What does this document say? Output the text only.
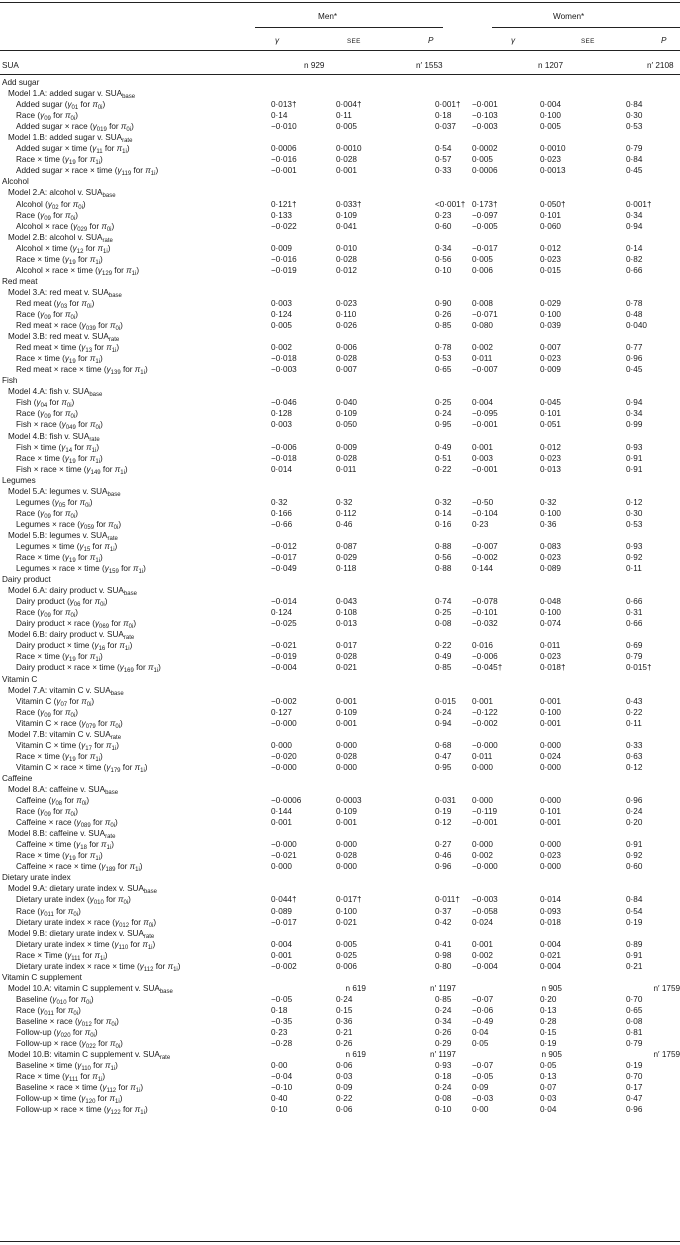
Men*	Women*
γ	SEE	P	γ	SEE	P
SUA	n 929	n′ 1553	n 1207	n′ 2108
Add sugar						
Model 1.A: added sugar v. $SUA_{base}$
Added sugar ($\gamma_{01}$ for $\pi_{0i}$)	0·013†	0·004†	0·001†	−0·001	0·004	0·84
Race ($\gamma_{09}$ for $\pi_{0i}$)	0·14	0·11	0·18	−0·103	0·100	0·30
Added sugar × race ($\gamma_{019}$ for $\pi_{0i}$)	−0·010	0·005	0·037	−0·003	0·005	0·53
Model 1.B: added sugar v. $SUA_{rate}$
Added sugar × time ($\gamma_{11}$ for $\pi_{1i}$)	0·0006	0·0010	0·54	0·0002	0·0010	0·79
Race × time ($\gamma_{19}$ for $\pi_{1i}$)	−0·016	0·028	0·57	0·005	0·023	0·84
Added sugar × race × time ($\gamma_{119}$ for $\pi_{1i}$)	−0·001	0·001	0·33	0·0006	0·0013	0·45
Alcohol						
Model 2.A: alcohol v. $SUA_{base}$
Alcohol ($\gamma_{02}$ for $\pi_{0i}$)	0·121†	0·033†	<0·001†	0·173†	0·050†	0·001†
Race ($\gamma_{09}$ for $\pi_{0i}$)	0·133	0·109	0·23	−0·097	0·101	0·34
Alcohol × race ($\gamma_{029}$ for $\pi_{0i}$)	−0·022	0·041	0·60	−0·005	0·060	0·94
Model 2.B: alcohol v. $SUA_{rate}$
Alcohol × time ($\gamma_{12}$ for $\pi_{1i}$)	0·009	0·010	0·34	−0·017	0·012	0·14
Race × time ($\gamma_{19}$ for $\pi_{1i}$)	−0·016	0·028	0·56	0·005	0·023	0·82
Alcohol × race × time ($\gamma_{129}$ for $\pi_{1i}$)	−0·019	0·012	0·10	0·006	0·015	0·66
Red meat						
Model 3.A: red meat v. $SUA_{base}$
Red meat ($\gamma_{03}$ for $\pi_{0i}$)	0·003	0·023	0·90	0·008	0·029	0·78
Race ($\gamma_{09}$ for $\pi_{0i}$)	0·124	0·110	0·26	−0·071	0·100	0·48
Red meat × race ($\gamma_{039}$ for $\pi_{0i}$)	0·005	0·026	0·85	0·080	0·039	0·040
Model 3.B: red meat v. $SUA_{rate}$
Red meat × time ($\gamma_{13}$ for $\pi_{1i}$)	0·002	0·006	0·78	0·002	0·007	0·77
Race × time ($\gamma_{19}$ for $\pi_{1i}$)	−0·018	0·028	0·53	0·011	0·023	0·96
Red meat × race × time ($\gamma_{139}$ for $\pi_{1i}$)	−0·003	0·007	0·65	−0·007	0·009	0·45
Fish						
Model 4.A: fish v. $SUA_{base}$
Fish ($\gamma_{04}$ for $\pi_{0i}$)	−0·046	0·040	0·25	0·004	0·045	0·94
Race ($\gamma_{09}$ for $\pi_{0i}$)	0·128	0·109	0·24	−0·095	0·101	0·34
Fish × race ($\gamma_{049}$ for $\pi_{0i}$)	0·003	0·050	0·95	−0·001	0·051	0·99
Model 4.B: fish v. $SUA_{rate}$
Fish × time ($\gamma_{14}$ for $\pi_{1i}$)	−0·006	0·009	0·49	0·001	0·012	0·93
Race × time ($\gamma_{19}$ for $\pi_{1i}$)	−0·018	0·028	0·51	0·003	0·023	0·91
Fish × race × time ($\gamma_{149}$ for $\pi_{1i}$)	0·014	0·011	0·22	−0·001	0·013	0·91
Legumes						
Model 5.A: legumes v. $SUA_{base}$
Legumes ($\gamma_{05}$ for $\pi_{0i}$)	0·32	0·32	0·32	−0·50	0·32	0·12
Race ($\gamma_{09}$ for $\pi_{0i}$)	0·166	0·112	0·14	−0·104	0·100	0·30
Legumes × race ($\gamma_{059}$ for $\pi_{0i}$)	−0·66	0·46	0·16	0·23	0·36	0·53
Model 5.B: legumes v. $SUA_{rate}$
Legumes × time ($\gamma_{15}$ for $\pi_{1i}$)	−0·012	0·087	0·88	−0·007	0·083	0·93
Race × time ($\gamma_{19}$ for $\pi_{1i}$)	−0·017	0·029	0·56	−0·002	0·023	0·92
Legumes × race × time ($\gamma_{159}$ for $\pi_{1i}$)	−0·049	0·118	0·88	0·144	0·089	0·11
Dairy product						
Model 6.A: dairy product v. $SUA_{base}$
Dairy product ($\gamma_{06}$ for $\pi_{0i}$)	−0·014	0·043	0·74	−0·078	0·048	0·66
Race ($\gamma_{09}$ for $\pi_{0i}$)	0·124	0·108	0·25	−0·101	0·100	0·31
Dairy product × race ($\gamma_{069}$ for $\pi_{0i}$)	−0·025	0·013	0·08	−0·032	0·074	0·66
Model 6.B: dairy product v. $SUA_{rate}$
Dairy product × time ($\gamma_{16}$ for $\pi_{1i}$)	−0·021	0·017	0·22	0·016	0·011	0·69
Race × time ($\gamma_{19}$ for $\pi_{1i}$)	−0·019	0·028	0·49	−0·006	0·023	0·79
Dairy product × race × time ($\gamma_{169}$ for $\pi_{1i}$)	−0·004	0·021	0·85	−0·045†	0·018†	0·015†
Vitamin C						
Model 7.A: vitamin C v. $SUA_{base}$
Vitamin C ($\gamma_{07}$ for $\pi_{0i}$)	−0·002	0·001	0·015	0·001	0·001	0·43
Race ($\gamma_{09}$ for $\pi_{0i}$)	0·127	0·109	0·24	−0·122	0·100	0·22
Vitamin C × race ($\gamma_{079}$ for $\pi_{0i}$)	−0·000	0·001	0·94	−0·002	0·001	0·11
Model 7.B: vitamin C v. $SUA_{rate}$
Vitamin C × time ($\gamma_{17}$ for $\pi_{1i}$)	0·000	0·000	0·68	−0·000	0·000	0·33
Race × time ($\gamma_{19}$ for $\pi_{1i}$)	−0·020	0·028	0·47	0·011	0·024	0·63
Vitamin C × race × time ($\gamma_{179}$ for $\pi_{1i}$)	−0·000	0·000	0·95	0·000	0·000	0·12
Caffeine						
Model 8.A: caffeine v. $SUA_{base}$
Caffeine ($\gamma_{08}$ for $\pi_{0i}$)	−0·0006	0·0003	0·031	0·000	0·000	0·96
Race ($\gamma_{09}$ for $\pi_{0i}$)	0·144	0·109	0·19	−0·119	0·101	0·24
Caffeine × race ($\gamma_{089}$ for $\pi_{0i}$)	0·001	0·001	0·12	−0·001	0·001	0·20
Model 8.B: caffeine v. $SUA_{rate}$
Caffeine × time ($\gamma_{18}$ for $\pi_{1i}$)	−0·000	0·000	0·27	0·000	0·000	0·91
Race × time ($\gamma_{19}$ for $\pi_{1i}$)	−0·021	0·028	0·46	0·002	0·023	0·92
Caffeine × race × time ($\gamma_{189}$ for $\pi_{1i}$)	0·000	0·000	0·96	−0·000	0·000	0·60
Dietary urate index						
Model 9.A: dietary urate index v. $SUA_{base}$
Dietary urate index ($\gamma_{010}$ for $\pi_{0i}$)	0·044†	0·017†	0·011†	−0·003	0·014	0·84
Race ($\gamma_{011}$ for $\pi_{0i}$)	0·089	0·100	0·37	−0·058	0·093	0·54
Dietary urate index × race ($\gamma_{012}$ for $\pi_{0i}$)	−0·017	0·021	0·42	0·024	0·018	0·19
Model 9.B: dietary urate index v. $SUA_{rate}$
Dietary urate index × time ($\gamma_{110}$ for $\pi_{1i}$)	0·004	0·005	0·41	0·001	0·004	0·89
Race × Time ($\gamma_{111}$ for $\pi_{1i}$)	0·001	0·025	0·98	0·002	0·021	0·91
Dietary urate index × race × time ($\gamma_{112}$ for $\pi_{1i}$)	−0·002	0·006	0·80	−0·004	0·004	0·21
Vitamin C supplement						
Model 10.A: vitamin C supplement v. $SUA_{base}$	n 619		n′ 1197	n 905		n′ 1759
Baseline ($\gamma_{010}$ for $\pi_{0i}$)	−0·05	0·24	0·85	−0·07	0·20	0·70
Race ($\gamma_{011}$ for $\pi_{0i}$)	0·18	0·15	0·24	−0·06	0·13	0·65
Baseline × race ($\gamma_{012}$ for $\pi_{0i}$)	−0·35	0·36	0·34	−0·49	0·28	0·08
Follow-up ($\gamma_{020}$ for $\pi_{0i}$)	0·23	0·21	0·26	0·04	0·15	0·81
Follow-up × race ($\gamma_{022}$ for $\pi_{0i}$)	−0·28	0·26	0·29	0·05	0·19	0·79
Model 10.B: vitamin C supplement v. $SUA_{rate}$	n 619		n′ 1197	n 905		n′ 1759
Baseline × time ($\gamma_{110}$ for $\pi_{1i}$)	0·00	0·06	0·93	−0·07	0·05	0·19
Race × time ($\gamma_{111}$ for $\pi_{1i}$)	−0·04	0·03	0·18	−0·05	0·13	0·70
Baseline × race × time ($\gamma_{112}$ for $\pi_{1i}$)	−0·10	0·09	0·24	0·09	0·07	0·17
Follow-up × time ($\gamma_{120}$ for $\pi_{1i}$)	0·40	0·22	0·08	−0·03	0·03	0·47
Follow-up × race × time ($\gamma_{122}$ for $\pi_{1i}$)	0·10	0·06	0·10	0·00	0·04	0·96
